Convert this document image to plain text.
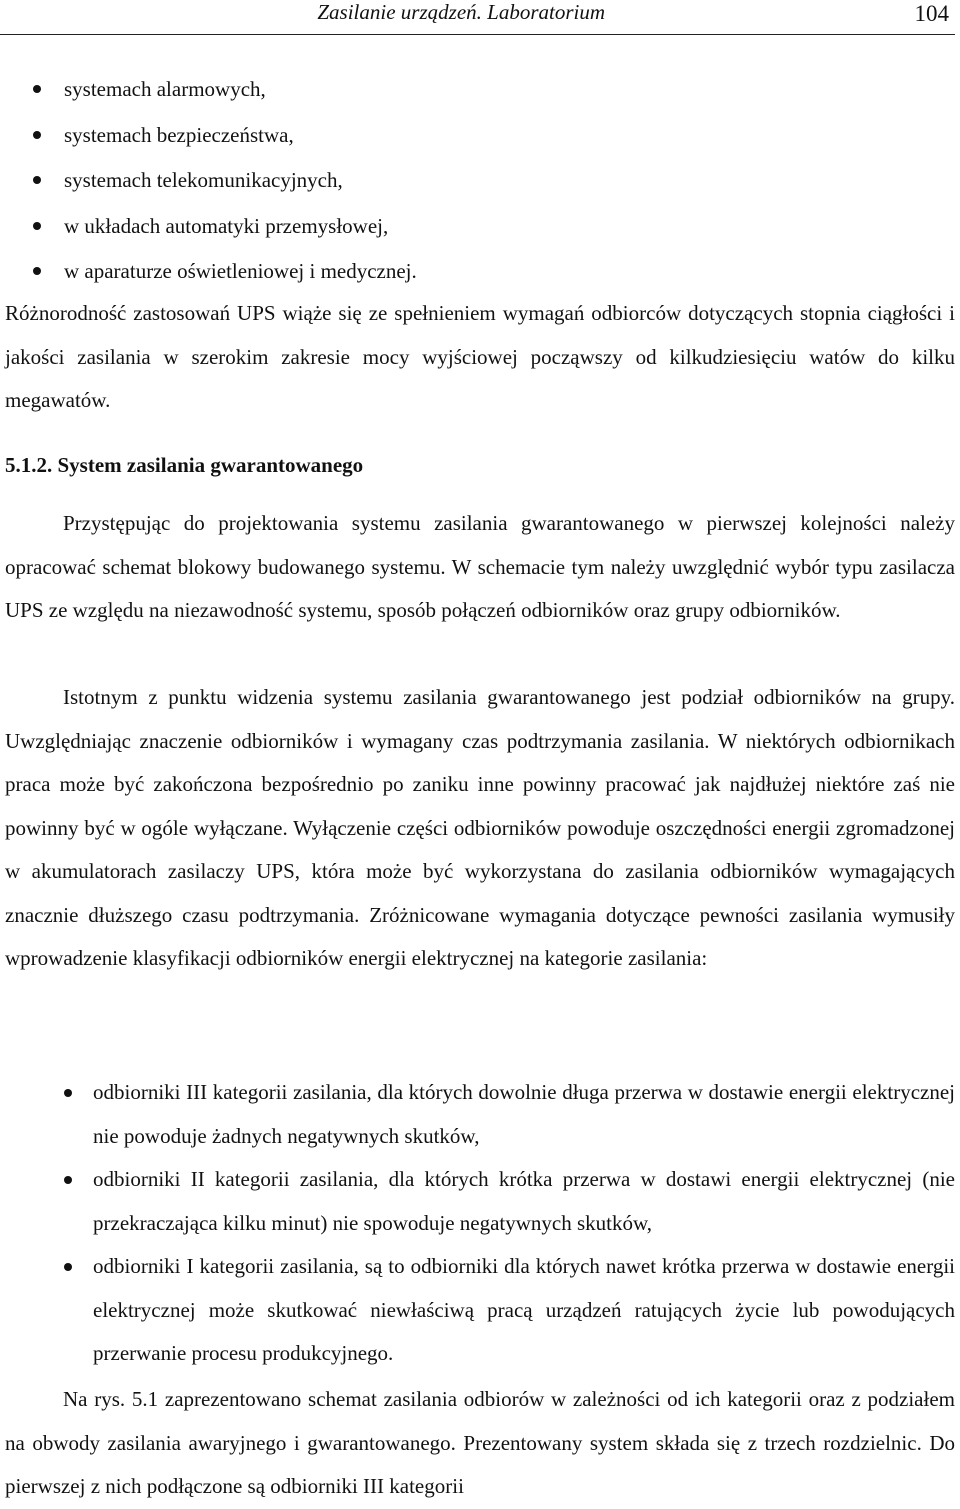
Zasilanie urządzeń. Laboratorium	104
systemach alarmowych,
systemach bezpieczeństwa,
systemach telekomunikacyjnych,
w układach automatyki przemysłowej,
w aparaturze oświetleniowej i medycznej.

Różnorodność zastosowań UPS wiąże się ze spełnieniem wymagań odbiorców dotyczących stopnia ciągłości i jakości zasilania w szerokim zakresie mocy wyjściowej począwszy od kilkudziesięciu watów do kilku megawatów.

5.1.2. System zasilania gwarantowanego

Przystępując do projektowania systemu zasilania gwarantowanego w pierwszej kolejności należy opracować schemat blokowy budowanego systemu. W schemacie tym należy uwzględnić wybór typu zasilacza UPS ze względu na niezawodność systemu, sposób połączeń odbiorników oraz grupy odbiorników.

Istotnym z punktu widzenia systemu zasilania gwarantowanego jest podział odbiorników na grupy. Uwzględniając znaczenie odbiorników i wymagany czas podtrzymania zasilania. W niektórych odbiornikach praca może być zakończona bezpośrednio po zaniku inne powinny pracować jak najdłużej niektóre zaś nie powinny być w ogóle wyłączane. Wyłączenie części odbiorników powoduje oszczędności energii zgromadzonej w akumulatorach zasilaczy UPS, która może być wykorzystana do zasilania odbiorników wymagających znacznie dłuższego czasu podtrzymania. Zróżnicowane wymagania dotyczące pewności zasilania wymusiły wprowadzenie klasyfikacji odbiorników energii elektrycznej na kategorie zasilania:

odbiorniki III kategorii zasilania, dla których dowolnie długa przerwa w dostawie energii elektrycznej nie powoduje żadnych negatywnych skutków,
odbiorniki II kategorii zasilania, dla których krótka przerwa w dostawi energii elektrycznej (nie przekraczająca kilku minut) nie spowoduje negatywnych skutków,
odbiorniki I kategorii zasilania, są to odbiorniki dla których nawet krótka przerwa w dostawie energii elektrycznej może skutkować niewłaściwą pracą urządzeń ratujących życie lub powodujących przerwanie procesu produkcyjnego.

Na rys. 5.1 zaprezentowano schemat zasilania odbiorów w zależności od ich kategorii oraz z podziałem na obwody zasilania awaryjnego i gwarantowanego. Prezentowany system składa się z trzech rozdzielnic. Do pierwszej z nich podłączone są odbiorniki III kategorii
